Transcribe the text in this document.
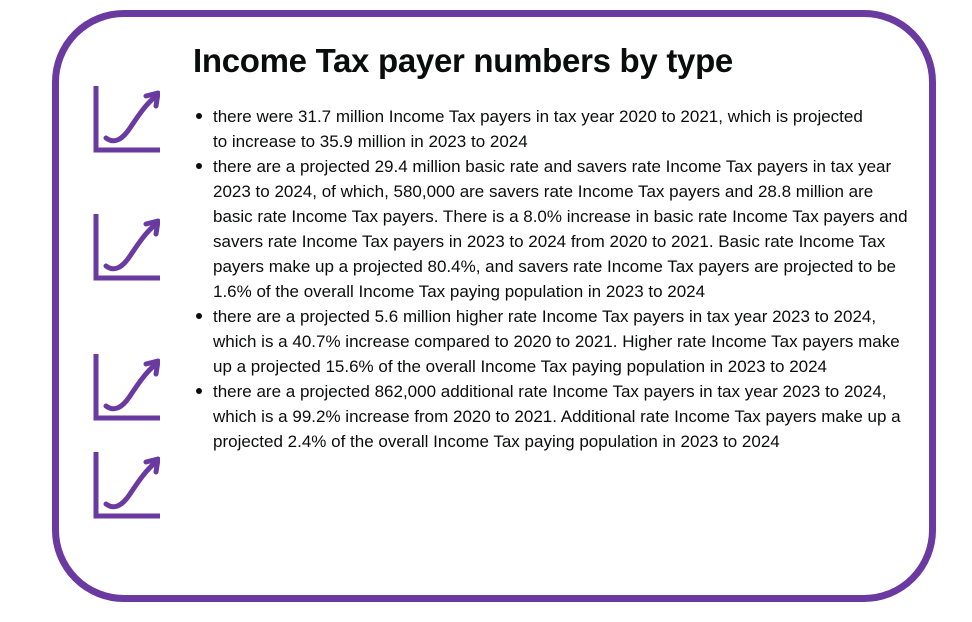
Income Tax payer numbers by type
there were 31.7 million Income Tax payers in tax year 2020 to 2021, which is projected to increase to 35.9 million in 2023 to 2024
there are a projected 29.4 million basic rate and savers rate Income Tax payers in tax year 2023 to 2024, of which, 580,000 are savers rate Income Tax payers and 28.8 million are basic rate Income Tax payers. There is a 8.0% increase in basic rate Income Tax payers and savers rate Income Tax payers in 2023 to 2024 from 2020 to 2021. Basic rate Income Tax payers make up a projected 80.4%, and savers rate Income Tax payers are projected to be 1.6% of the overall Income Tax paying population in 2023 to 2024
there are a projected 5.6 million higher rate Income Tax payers in tax year 2023 to 2024, which is a 40.7% increase compared to 2020 to 2021. Higher rate Income Tax payers make up a projected 15.6% of the overall Income Tax paying population in 2023 to 2024
there are a projected 862,000 additional rate Income Tax payers in tax year 2023 to 2024, which is a 99.2% increase from 2020 to 2021. Additional rate Income Tax payers make up a projected 2.4% of the overall Income Tax paying population in 2023 to 2024
